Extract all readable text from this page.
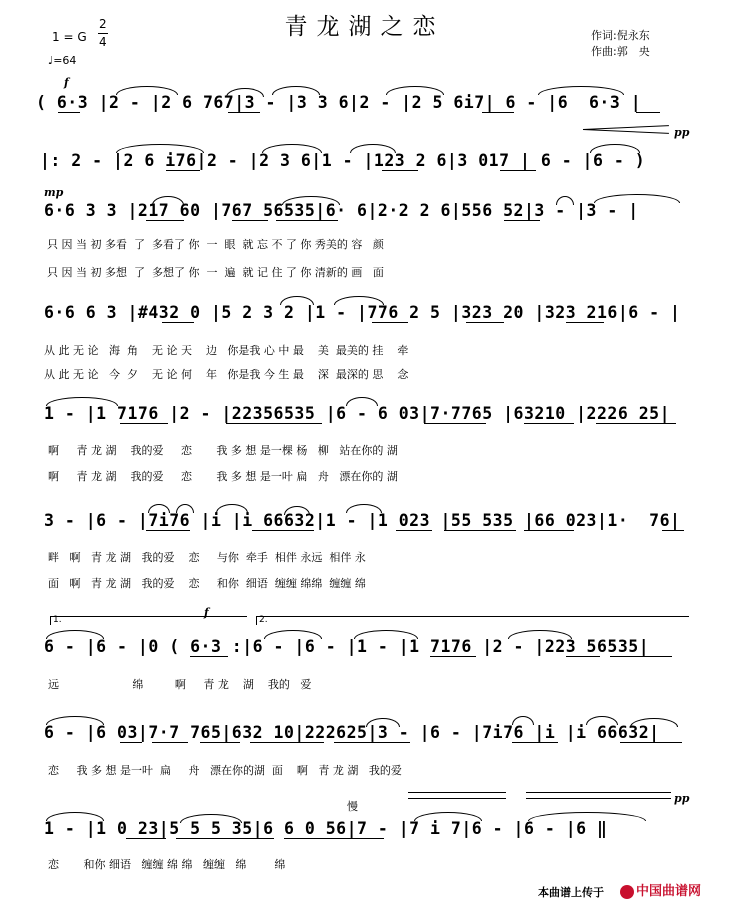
青龙湖之恋	作词:倪永东
作曲:郭　央
1 = G
2
4
♩=64
f
pp
mp
f
pp
慢
( 6·3 |2 - |2 6 767|3 - |3 3 6|2 - |2 5 6i7| 6 - |6  6·3 |
|: 2 - |2 6 i76|2 - |2 3 6|1 - |123 2 6|3 017 | 6 - |6 - )
6·6 3 3 |217 60 |767 56535|6· 6|2·2 2 6|556 52|3 - |3 - |
只 因 当 初 多看  了  多看了 你  一  眼  就 忘 不 了 你 秀美的 容   颜
只 因 当 初 多想  了  多想了 你  一  遍  就 记 住 了 你 清新的 画   面
6·6 6 3 |#432 0 |5 2 3 2 |1 - |776 2 5 |323 20 |323 216|6 - |
从 此 无 论   海  角    无 论 天    边   你是我 心 中 最    美  最美的 挂    牵
从 此 无 论   今  夕    无 论 何    年   你是我 今 生 最    深  最深的 思    念
1 - |1 7176 |2 - |22356535 |6 - 6 03|7·7765 |63210 |2226 25|
啊     青 龙 湖    我的爱     恋       我 多 想 是一棵 杨   柳   站在你的 湖
啊     青 龙 湖    我的爱     恋       我 多 想 是一叶 扁   舟   漂在你的 湖
3 - |6 - |7i76 |i |i 66632|1 - |1 023 |55 535 |66 023|1·  76|
畔   啊   青 龙 湖   我的爱    恋     与你  牵手  相伴 永远  相伴 永
面   啊   青 龙 湖   我的爱    恋     和你  细语  缠缠 绵绵  缠缠 绵
1.	2.
6 - |6 - |0 ( 6·3 :|6 - |6 - |1 - |1 7176 |2 - |223 56535|
远                     绵         啊     青 龙    湖    我的   爱
6 - |6 03|7·7 765|632 10|222625|3 - |6 - |7i76 |i |i 66632|
恋     我 多 想 是一叶  扁     舟   漂在你的湖  面    啊   青 龙 湖   我的爱
1 - |1 0 23|5 5 5 35|6 6 0 56|7 - |7 i 7|6 - |6 - |6 ‖
恋       和你 细语   缠缠 绵 绵   缠缠   绵        绵
本曲谱上传于	中国曲谱网
